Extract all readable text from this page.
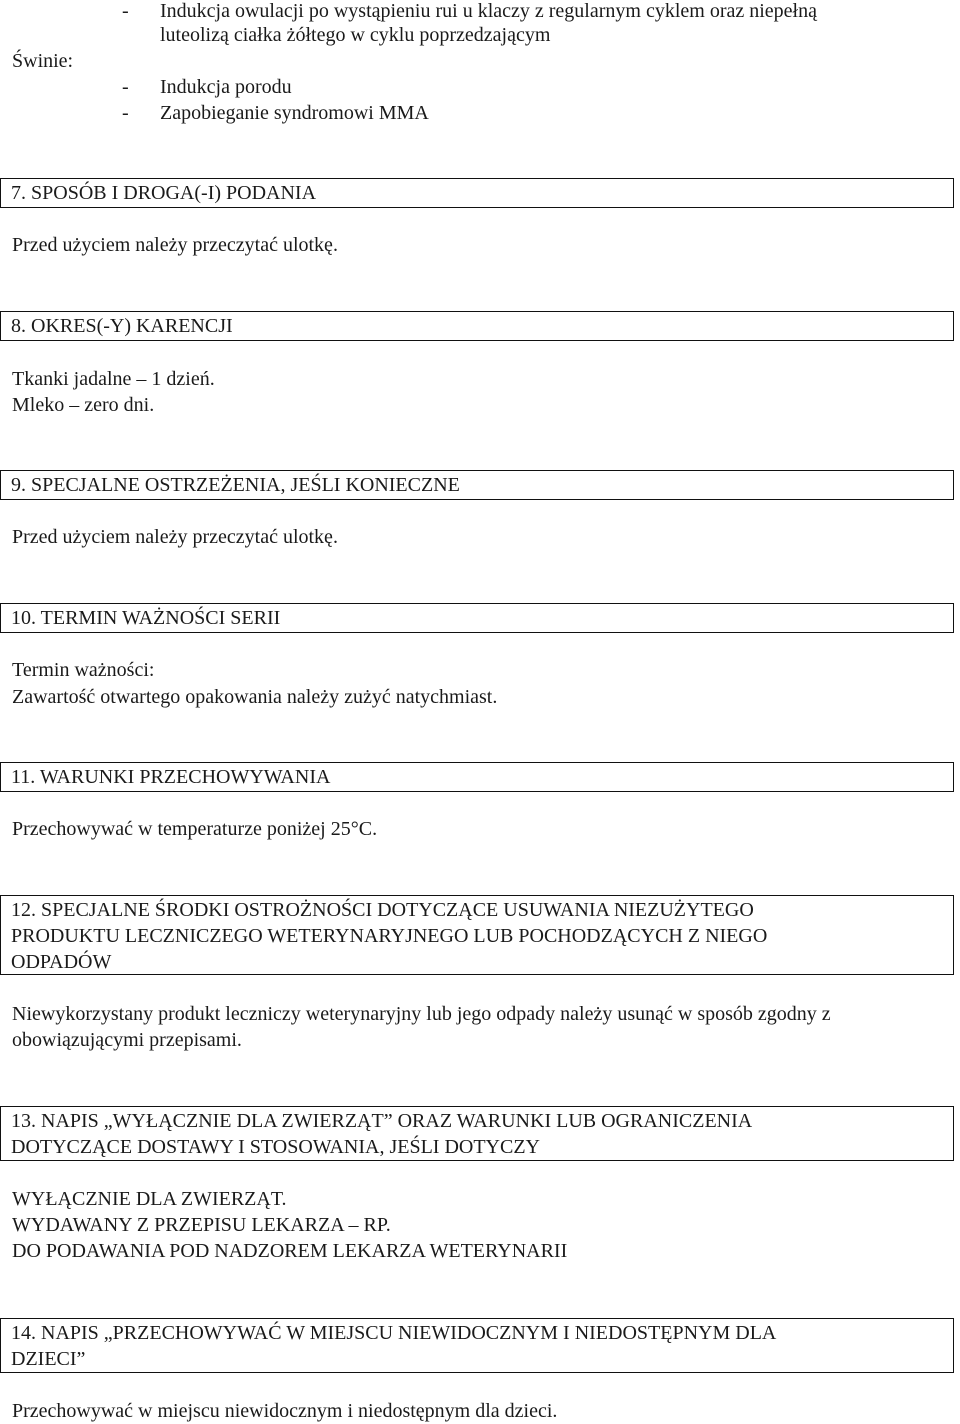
Świnie:
- Indukcja owulacji po wystąpieniu rui u klaczy z regularnym cyklem oraz niepełną
luteolizą ciałka żółtego w cyklu poprzedzającym
- Indukcja porodu
- Zapobieganie syndromowi MMA
7. SPOSÓB I DROGA(-I) PODANIA
Przed użyciem należy przeczytać ulotkę.
8. OKRES(-Y) KARENCJI
Tkanki jadalne – 1 dzień.
Mleko – zero dni.
9. SPECJALNE OSTRZEŻENIA, JEŚLI KONIECZNE
Przed użyciem należy przeczytać ulotkę.
10. TERMIN WAŻNOŚCI SERII
Termin ważności:
Zawartość otwartego opakowania należy zużyć natychmiast.
11. WARUNKI PRZECHOWYWANIA
Przechowywać w temperaturze poniżej 25°C.
12. SPECJALNE ŚRODKI OSTROŻNOŚCI DOTYCZĄCE USUWANIA NIEZUŻYTEGO
PRODUKTU LECZNICZEGO WETERYNARYJNEGO LUB POCHODZĄCYCH Z NIEGO
ODPADÓW
Niewykorzystany produkt leczniczy weterynaryjny lub jego odpady należy usunąć w sposób zgodny z
obowiązującymi przepisami.
13. NAPIS „WYŁĄCZNIE DLA ZWIERZĄT” ORAZ WARUNKI LUB OGRANICZENIA
DOTYCZĄCE DOSTAWY I STOSOWANIA, JEŚLI DOTYCZY
WYŁĄCZNIE DLA ZWIERZĄT.
WYDAWANY Z PRZEPISU LEKARZA – RP.
DO PODAWANIA POD NADZOREM LEKARZA WETERYNARII
14. NAPIS „PRZECHOWYWAĆ W MIEJSCU NIEWIDOCZNYM I NIEDOSTĘPNYM DLA
DZIECI”
Przechowywać w miejscu niewidocznym i niedostępnym dla dzieci.
